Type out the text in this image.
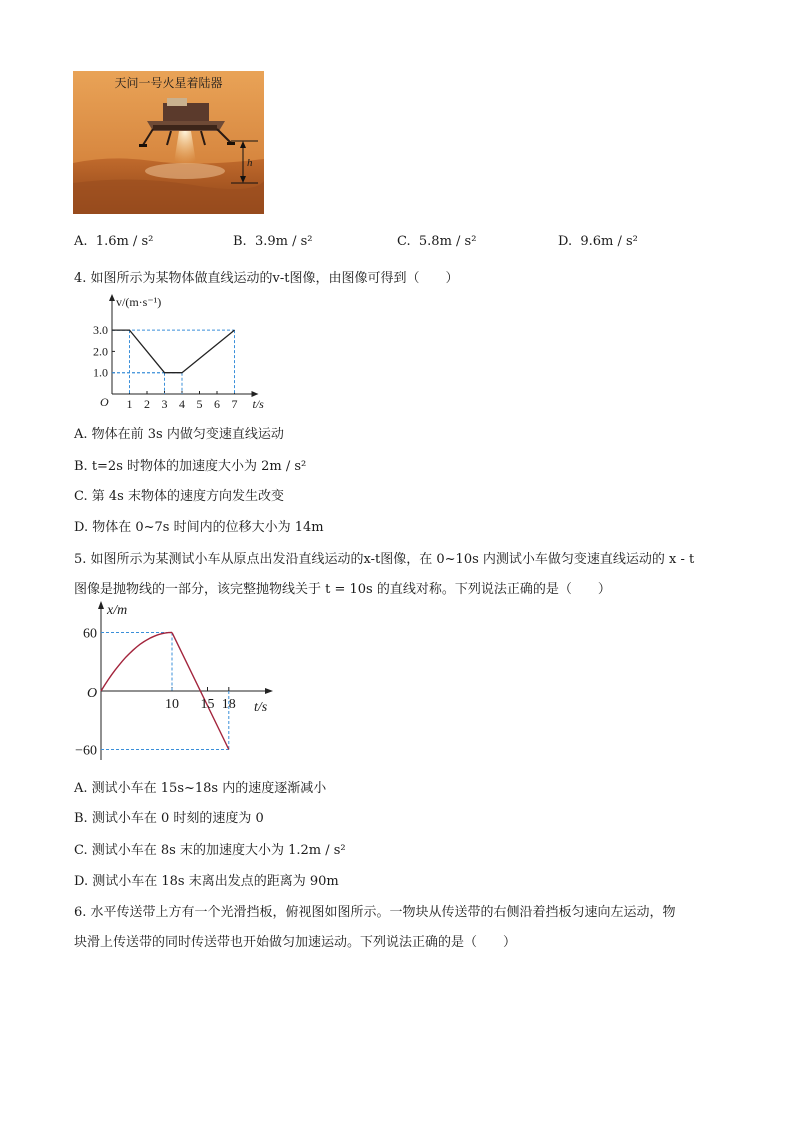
h
天问一号火星着陆器
A. 1.6m / s²	B. 3.9m / s²	C. 5.8m / s²	D. 9.6m / s²
4. 如图所示为某物体做直线运动的v-t图像，由图像可得到（　　）
1 2 3 4 5 6 7
1.0
2.0
3.0
O
v/(m·s⁻¹)
t/s
A. 物体在前 3s 内做匀变速直线运动
B. t=2s 时物体的加速度大小为 2m / s²
C. 第 4s 末物体的速度方向发生改变
D. 物体在 0~7s 时间内的位移大小为 14m
5. 如图所示为某测试小车从原点出发沿直线运动的x-t图像，在 0~10s 内测试小车做匀变速直线运动的 x - t
图像是抛物线的一部分，该完整抛物线关于 t = 10s 的直线对称。下列说法正确的是（　　）
10 15 18
60
−60
O
x/m
t/s
A. 测试小车在 15s~18s 内的速度逐渐减小
B. 测试小车在 0 时刻的速度为 0
C. 测试小车在 8s 末的加速度大小为 1.2m / s²
D. 测试小车在 18s 末离出发点的距离为 90m
6. 水平传送带上方有一个光滑挡板，俯视图如图所示。一物块从传送带的右侧沿着挡板匀速向左运动，物
块滑上传送带的同时传送带也开始做匀加速运动。下列说法正确的是（　　）
